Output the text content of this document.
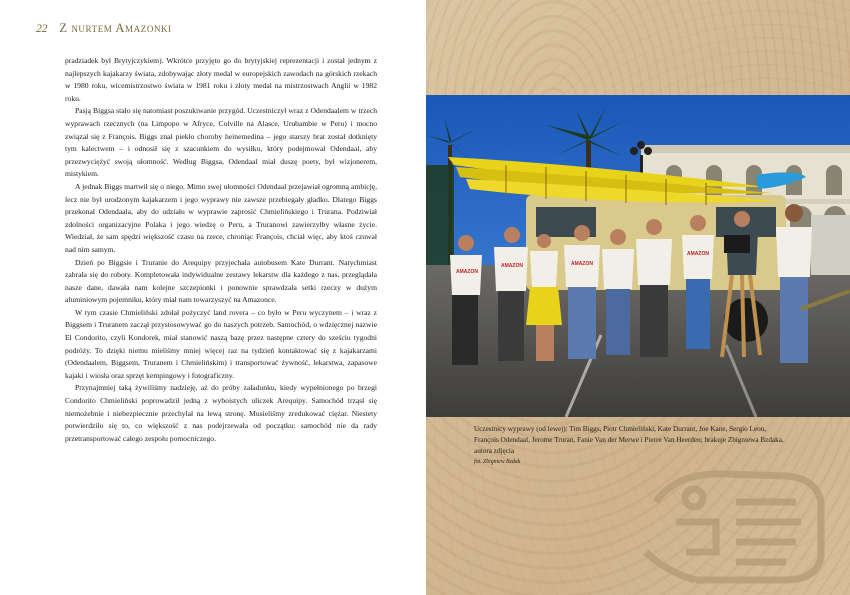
22 Z nurtem Amazonki

pradziadek był Brytyjczykiem). Wkrótce przyjęto go do brytyjskiej reprezentacji i został jednym z najlepszych kajakarzy świata, zdobywając złoty medal w europejskich zawodach na górskich rzekach w 1980 roku, wicemistrzostwo świata w 1981 roku i złoty medal na mistrzostwach Anglii w 1982 roku.

Pasją Biggsa stało się natomiast poszukiwanie przygód. Uczestniczył wraz z Odendaalem w trzech wyprawach rzecznych (na Limpopo w Afryce, Colville na Alasce, Urubambie w Peru) i mocno związał się z François. Biggs znał piekło choroby heinemedina – jego starszy brat został dotknięty tym kalectwem – i odnosił się z szacunkiem do wysiłku, który podejmował Odendaal, aby przezwyciężyć swoją ułomność. Według Biggsa, Odendaal miał duszę poety, był wizjonerem, mistykiem.

A jednak Biggs martwił się o niego. Mimo swej ułomności Odendaal przejawiał ogromną ambicję, lecz nie był urodzonym kajakarzem i jego wyprawy nie zawsze przebiegały gładko. Dlatego Biggs przekonał Odendaala, aby do udziału w wyprawie zaprosić Chmielińskiego i Trurana. Podziwiał zdolności organizacyjne Polaka i jego wiedzę o Peru, a Truranowi zawierzyłby własne życie. Wiedział, że sam spędzi większość czasu na rzece, chroniąc François, chciał więc, aby ktoś czuwał nad nim samym.

Dzień po Biggsie i Truranie do Arequipy przyjechała autobusem Kate Durrant. Natychmiast zabrała się do roboty. Kompletowała indywidualne zestawy lekarstw dla każdego z nas, przeglądała nasze dane, dawała nam kolejne szczepionki i ponownie sprawdzała setki rzeczy w dużym aluminiowym pojemniku, który miał nam towarzyszyć na Amazonce.

W tym czasie Chmieliński zdołał pożyczyć land rovera – co było w Peru wyczynem – i wraz z Biggsem i Truranem zaczął przystosowywać go do naszych potrzeb. Samochód, o wdzięcznej nazwie El Condorito, czyli Kondorek, miał stanowić naszą bazę przez następne cztery do sześciu tygodni podróży. To dzięki niemu mieliśmy mniej więcej raz na tydzień kontaktować się z kajakarzami (Odendaalem, Biggsem, Truranem i Chmielińskim) i transportować żywność, lekarstwa, zapasowe kajaki i wiosła oraz sprzęt kempingowy i fotograficzny.

Przynajmniej taką żywiliśmy nadzieję, aż do próby załadunku, kiedy wypełnionego po brzegi Condorito Chmieliński poprowadził jedną z wyboistych uliczek Arequipy. Samochód trząsł się niemożebnie i niebezpiecznie przechylał na lewą stronę. Musieliśmy zredukować ciężar. Niestety potwierdziło się to, co większość z nas podejrzewała od początku: samochód nie da rady przetransportować całego zespołu pomocniczego.

AMAZON
AMAZON	AMAZON
AMAZON
Uczestnicy wyprawy (od lewej): Tim Biggs, Piotr Chmieliński, Kate Durrant, Joe Kane, Sergio Leon, François Odendaal, Jerome Truran, Fanie Van der Merwe i Pierre Van Heerden; brakuje Zbigniewa Bzdaka, autora zdjęcia
fot. Zbigniew Bzdak
